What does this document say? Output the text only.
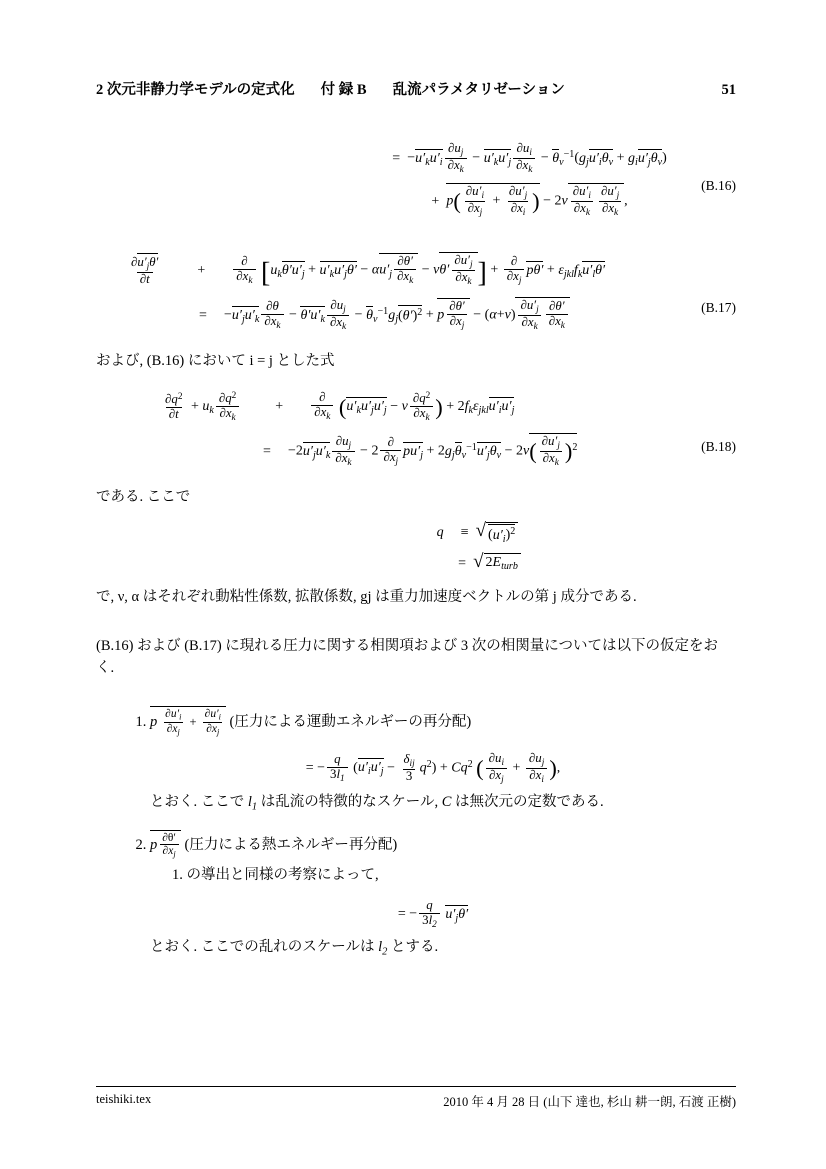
2 次元非静力学モデルの定式化 付 録 B 乱流パラメタリゼーション	51
= $-u'_ku'_i \frac{\partial u_j}{\partial x_k} - u'_ku'_j \frac{\partial u_i}{\partial x_k} - \theta_v^{-1}(g_ju'_i\theta_v + g_iu'_j\theta_v)$
+ $p( \frac{\partial u'_i}{\partial x_j} + \frac{\partial u'_j}{\partial x_i}$ ) − $2\nu \frac{\partial u'_i}{\partial x_k} \frac{\partial u'_j}{\partial x_k}$ ,
(B.16)
$\frac{\partial u'_j\theta'}{\partial t}$	+ $\frac{\partial}{\partial x_k} [u_k\theta'u'_j + u'_ku'_j\theta' - \alpha u'_j \frac{\partial\theta'}{\partial x_k} - \nu\theta' \frac{\partial u'_j}{\partial x_k}$ ] + $\frac{\partial}{\partial x_j} p\theta' + \varepsilon_{jkl}f_ku'_l\theta'$
=	$-u'_ju'_k \frac{\partial\theta}{\partial x_k} - \theta'u'_k \frac{\partial u_j}{\partial x_k} - \theta_v^{-1}g_j(\theta')^2 + p \frac{\partial\theta'}{\partial x_j} - (\alpha+\nu) \frac{\partial u'_j}{\partial x_k} \frac{\partial\theta'}{\partial x_k}$	(B.17)
および, (B.16) において i = j とした式
$\frac{\partial q^2}{\partial t} + u_k \frac{\partial q^2}{\partial x_k}$	+ $\frac{\partial}{\partial x_k} (u'_ku'_ju'_j - \nu \frac{\partial q^2}{\partial x_k}$ ) + $2f_k\varepsilon_{jkl}u'_iu'_j$
=	$-2u'_ju'_k \frac{\partial u_j}{\partial x_k} - 2 \frac{\partial}{\partial x_j} pu'_j + 2g_j\theta_v^{-1}u'_j\theta_v - 2\nu( \frac{\partial u'_j}{\partial x_k} )^2$	(B.18)
である. ここで
q	≡ √ $(u'_i)^2$
= √ $2E_{turb}$
で, ν, α はそれぞれ動粘性係数, 拡散係数, gj は重力加速度ベクトルの第 j 成分である.
(B.16) および (B.17) に現れる圧力に関する相関項および 3 次の相関量については以下の仮定をおく.
1. p  $\frac{\partial u'_i}{\partial x_j} + \frac{\partial u'_i}{\partial x_j}$ (圧力による運動エネルギーの再分配)
= − $\frac{q}{3l_1} (u'_iu'_j - \frac{\delta_{ij}}{3} q^2) + Cq^2$ ( $\frac{\partial u_i}{\partial x_j} + \frac{\partial u_j}{\partial x_i}$ ),
とおく. ここで $l_1$ は乱流の特徴的なスケール, C は無次元の定数である.
2. p $\frac{\partial\theta'}{\partial x_j}$ (圧力による熱エネルギー再分配)
1. の導出と同様の考察によって,
= − $\frac{q}{3l_2} u'_j\theta'$
とおく. ここでの乱れのスケールは $l_2$ とする.
teishiki.tex	2010 年 4 月 28 日 (山下 達也, 杉山 耕一朗, 石渡 正樹)
